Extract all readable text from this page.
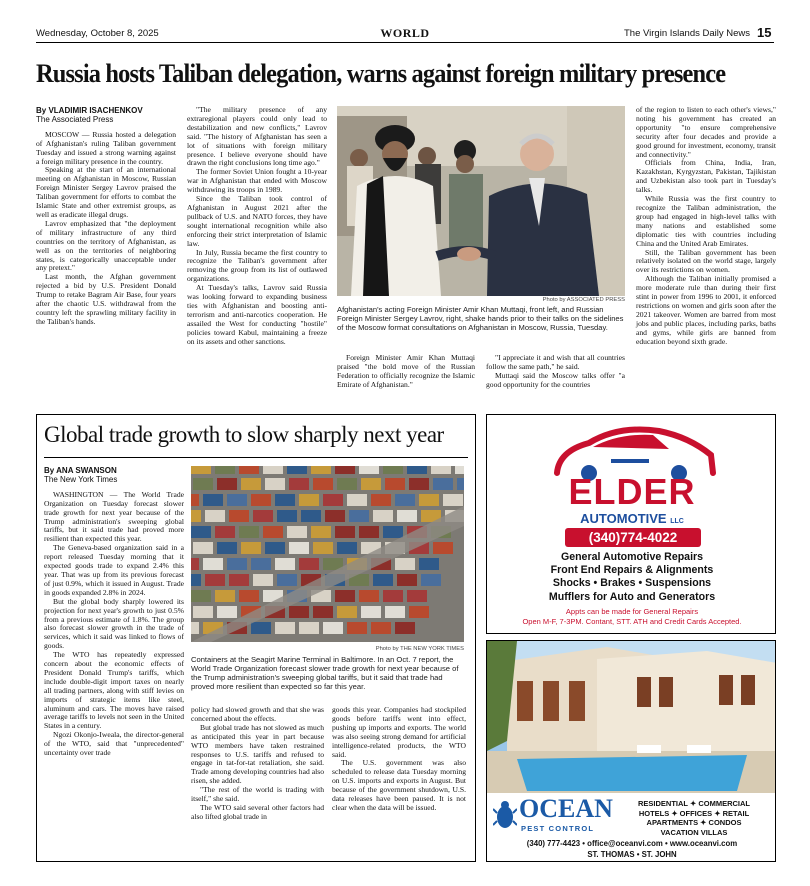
Wednesday, October 8, 2025	WORLD	The Virgin Islands Daily News 15
Russia hosts Taliban delegation, warns against foreign military presence
By VLADIMIR ISACHENKOV
The Associated Press

MOSCOW — Russia hosted a delegation of Afghanistan's ruling Taliban government Tuesday and issued a strong warning against a foreign military presence in the country.

Speaking at the start of an international meeting on Afghanistan in Moscow, Russian Foreign Minister Sergey Lavrov praised the Taliban government for efforts to combat the Islamic State and other extremist groups, as well as eradicate illegal drugs.

Lavrov emphasized that "the deployment of military infrastructure of any third countries on the territory of Afghanistan, as well as on the territories of neighboring states, is categorically unacceptable under any pretext."

Last month, the Afghan government rejected a bid by U.S. President Donald Trump to retake Bagram Air Base, four years after the chaotic U.S. withdrawal from the country left the sprawling military facility in the Taliban's hands.

"The military presence of any extraregional players could only lead to destabilization and new conflicts," Lavrov said. "The history of Afghanistan has seen a lot of situations with foreign military presence. I believe everyone should have drawn the right conclusions long time ago."

The former Soviet Union fought a 10-year war in Afghanistan that ended with Moscow withdrawing its troops in 1989.

Since the Taliban took control of Afghanistan in August 2021 after the pullback of U.S. and NATO forces, they have sought international recognition while also enforcing their strict interpretation of Islamic law.

In July, Russia became the first country to recognize the Taliban's government after removing the group from its list of outlawed organizations.

At Tuesday's talks, Lavrov said Russia was looking forward to expanding business ties with Afghanistan and boosting anti-terrorism and anti-narcotics cooperation. He assailed the West for conducting "hostile" policies toward Kabul, maintaining a freeze on its assets and other sanctions.

Photo by ASSOCIATED PRESS
Afghanistan's acting Foreign Minister Amir Khan Muttaqi, front left, and Russian Foreign Minister Sergey Lavrov, right, shake hands prior to their talks on the sidelines of the Moscow format consultations on Afghanistan in Moscow, Russia, Tuesday.

Foreign Minister Amir Khan Muttaqi praised "the bold move of the Russian Federation to officially recognize the Islamic Emirate of Afghanistan."

"I appreciate it and wish that all countries follow the same path," he said.

Muttaqi said the Moscow talks offer "a good opportunity for the countries

of the region to listen to each other's views," noting his government has created an opportunity "to ensure comprehensive security after four decades and provide a good ground for investment, economy, transit and connectivity."

Officials from China, India, Iran, Kazakhstan, Kyrgyzstan, Pakistan, Tajikistan and Uzbekistan also took part in Tuesday's talks.

While Russia was the first country to recognize the Taliban administration, the group had engaged in high-level talks with many nations and established some diplomatic ties with countries including China and the United Arab Emirates.

Still, the Taliban government has been relatively isolated on the world stage, largely over its restrictions on women.

Although the Taliban initially promised a more moderate rule than during their first stint in power from 1996 to 2001, it enforced restrictions on women and girls soon after the 2021 takeover. Women are barred from most jobs and public places, including parks, baths and gyms, while girls are banned from education beyond sixth grade.

Global trade growth to slow sharply next year
By ANA SWANSON
The New York Times

WASHINGTON — The World Trade Organization on Tuesday forecast slower trade growth for next year because of the Trump administration's sweeping global tariffs, but it said trade had proved more resilient than expected this year.

The Geneva-based organization said in a report released Tuesday morning that it expected goods trade to expand 2.4% this year. That was up from its previous forecast of just 0.9%, which it issued in August. Trade in goods expanded 2.8% in 2024.

But the global body sharply lowered its projection for next year's growth to just 0.5% from a previous estimate of 1.8%. The group also forecast slower growth in the trade of services, which it said was linked to flows of goods.

The WTO has repeatedly expressed concern about the economic effects of President Donald Trump's tariffs, which include double-digit import taxes on nearly all trading partners, along with stiff levies on imports of strategic items like steel, aluminum and cars. The moves have raised average tariffs to levels not seen in the United States in a century.

Ngozi Okonjo-Iweala, the director-general of the WTO, said that "unprecedented" uncertainty over trade

Photo by THE NEW YORK TIMES
Containers at the Seagirt Marine Terminal in Baltimore. In an Oct. 7 report, the World Trade Organization forecast slower trade growth for next year because of the Trump administration's sweeping global tariffs, but it said that trade had proved more resilient than expected so far this year.

policy had slowed growth and that she was concerned about the effects.

But global trade has not slowed as much as anticipated this year in part because WTO members have taken restrained responses to U.S. tariffs and refused to engage in tat-for-tat retaliation, she said. Trade among developing countries had also risen, she added.

"The rest of the world is trading with itself," she said.

The WTO said several other factors had also lifted global trade in

goods this year. Companies had stockpiled goods before tariffs went into effect, pushing up imports and exports. The world was also seeing strong demand for artificial intelligence-related products, the WTO said.

The U.S. government was also scheduled to release data Tuesday morning on U.S. imports and exports in August. But because of the government shutdown, U.S. data releases have been paused. It is not clear when the data will be issued.

ELDER
AUTOMOTIVE LLC
(340)774-4022
General Automotive Repairs
Front End Repairs & Alignments
Shocks • Brakes • Suspensions
Mufflers for Auto and Generators
Appts can be made for General Repairs
Open M-F, 7-3PM. Contant, STT. ATH and Credit Cards Accepted.
OCEAN
PEST CONTROL
RESIDENTIAL ✦ COMMERCIAL
HOTELS ✦ OFFICES ✦ RETAIL
APARTMENTS ✦ CONDOS
VACATION VILLAS
(340) 777-4423 • office@oceanvi.com • www.oceanvi.com
ST. THOMAS • ST. JOHN
